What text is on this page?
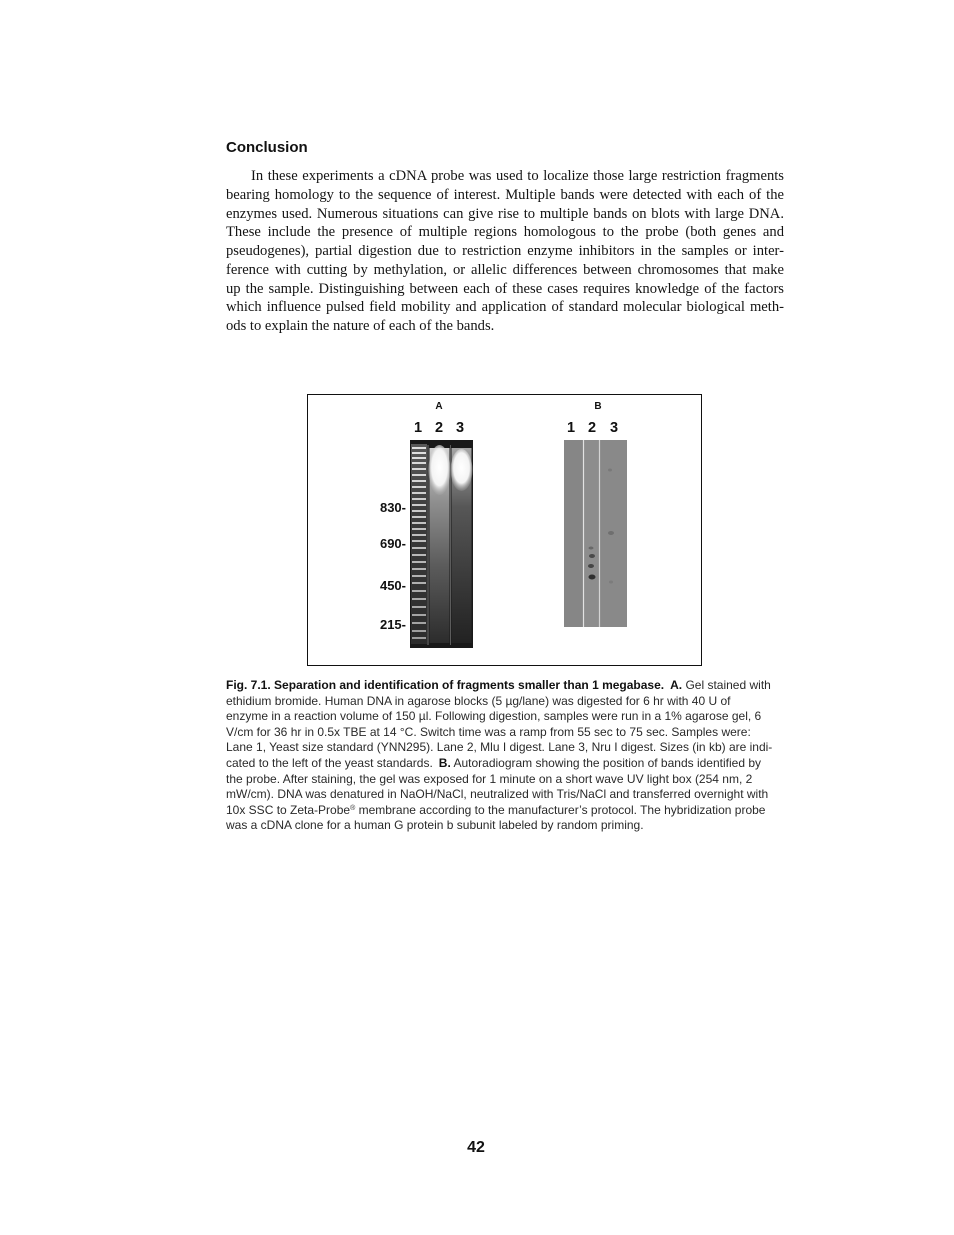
Conclusion
In these experiments a cDNA probe was used to localize those large restriction fragments
bearing homology to the sequence of interest. Multiple bands were detected with each of the
enzymes used. Numerous situations can give rise to multiple bands on blots with large DNA.
These include the presence of multiple regions homologous to the probe (both genes and
pseudogenes), partial digestion due to restriction enzyme inhibitors in the samples or inter-
ference with cutting by methylation, or allelic differences between chromosomes that make
up the sample. Distinguishing between each of these cases requires knowledge of the factors
which influence pulsed field mobility and application of standard molecular biological meth-
ods to explain the nature of each of the bands.
A	B
1 2 3	1 2 3
830-
690-
450-
215-
Fig. 7.1. Separation and identification of fragments smaller than 1 megabase. A. Gel stained with
ethidium bromide. Human DNA in agarose blocks (5 µg/lane) was digested for 6 hr with 40 U of
enzyme in a reaction volume of 150 µl. Following digestion, samples were run in a 1% agarose gel, 6
V/cm for 36 hr in 0.5x TBE at 14 °C. Switch time was a ramp from 55 sec to 75 sec. Samples were:
Lane 1, Yeast size standard (YNN295). Lane 2, Mlu I digest. Lane 3, Nru I digest. Sizes (in kb) are indi-
cated to the left of the yeast standards. B. Autoradiogram showing the position of bands identified by
the probe. After staining, the gel was exposed for 1 minute on a short wave UV light box (254 nm, 2
mW/cm). DNA was denatured in NaOH/NaCl, neutralized with Tris/NaCl and transferred overnight with
10x SSC to Zeta-Probe® membrane according to the manufacturer’s protocol. The hybridization probe
was a cDNA clone for a human G protein b subunit labeled by random priming.
42
